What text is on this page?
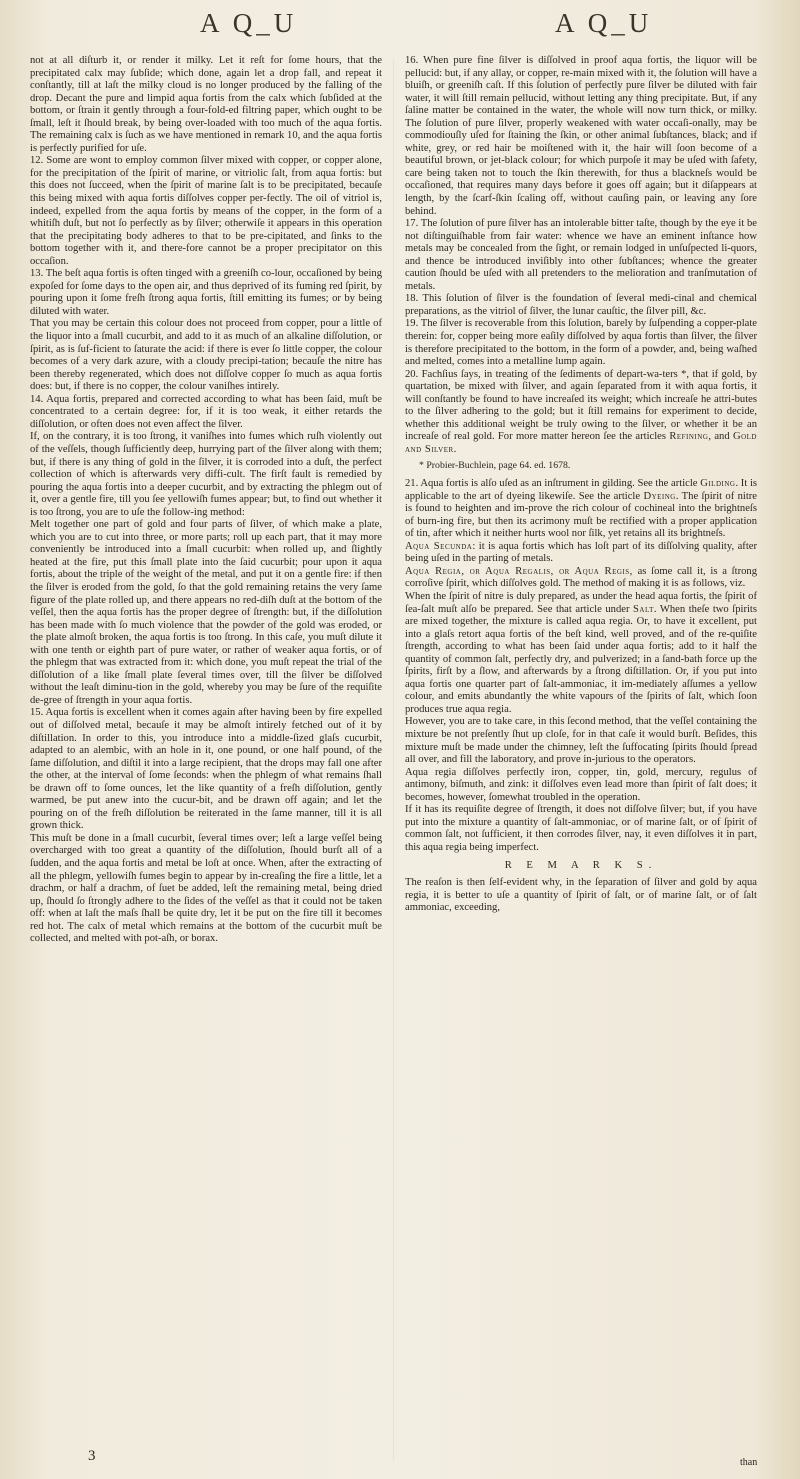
A Q_U	A Q_U

not at all diſturb it, or render it milky. Let it reſt for ſome hours, that the precipitated calx may ſubſide; which done, again let a drop fall, and repeat it conſtantly, till at laſt the milky cloud is no longer produced by the falling of the drop. Decant the pure and limpid aqua fortis from the calx which ſubſided at the bottom, or ſtrain it gently through a four-fold-ed filtring paper, which ought to be ſmall, leſt it ſhould break, by being over-loaded with too much of the aqua fortis. The remaining calx is ſuch as we have mentioned in remark 10, and the aqua fortis is perfectly purified for uſe.

12. Some are wont to employ common ſilver mixed with copper, or copper alone, for the precipitation of the ſpirit of marine, or vitriolic ſalt, from aqua fortis: but this does not ſucceed, when the ſpirit of marine ſalt is to be precipitated, becauſe this being mixed with aqua fortis diſſolves copper per-fectly. The oil of vitriol is, indeed, expelled from the aqua fortis by means of the copper, in the form of a whitiſh duſt, but not ſo perfectly as by ſilver; otherwiſe it appears in this operation that the precipitating body adheres to that to be pre-cipitated, and ſinks to the bottom together with it, and there-fore cannot be a proper precipitator on this occaſion.

13. The beſt aqua fortis is often tinged with a greeniſh co-lour, occaſioned by being expoſed for ſome days to the open air, and thus deprived of its fuming red ſpirit, by pouring upon it ſome freſh ſtrong aqua fortis, ſtill emitting its fumes; or by being diluted with water.

That you may be certain this colour does not proceed from copper, pour a little of the liquor into a ſmall cucurbit, and add to it as much of an alkaline diſſolution, or ſpirit, as is ſuf-ficient to ſaturate the acid: if there is ever ſo little copper, the colour becomes of a very dark azure, with a cloudy precipi-tation; becauſe the nitre has been thereby regenerated, which does not diſſolve copper ſo much as aqua fortis does: but, if there is no copper, the colour vaniſhes intirely.

14. Aqua fortis, prepared and corrected according to what has been ſaid, muſt be concentrated to a certain degree: for, if it is too weak, it either retards the diſſolution, or often does not even affect the ſilver.

If, on the contrary, it is too ſtrong, it vaniſhes into fumes which ruſh violently out of the veſſels, though ſufficiently deep, hurrying part of the ſilver along with them; but, if there is any thing of gold in the ſilver, it is corroded into a duſt, the perfect collection of which is afterwards very diffi-cult. The firſt fault is remedied by pouring the aqua fortis into a deeper cucurbit, and by extracting the phlegm out of it, over a gentle fire, till you ſee yellowiſh fumes appear; but, to find out whether it is too ſtrong, you are to uſe the follow-ing method:

Melt together one part of gold and four parts of ſilver, of which make a plate, which you are to cut into three, or more parts; roll up each part, that it may more conveniently be introduced into a ſmall cucurbit: when rolled up, and ſlightly heated at the fire, put this ſmall plate into the ſaid cucurbit; pour upon it aqua fortis, about the triple of the weight of the metal, and put it on a gentle fire: if then the ſilver is eroded from the gold, ſo that the gold remaining retains the very ſame figure of the plate rolled up, and there appears no red-diſh duſt at the bottom of the veſſel, then the aqua fortis has the proper degree of ſtrength: but, if the diſſolution has been made with ſo much violence that the powder of the gold was eroded, or the plate almoſt broken, the aqua fortis is too ſtrong. In this caſe, you muſt dilute it with one tenth or eighth part of pure water, or rather of weaker aqua fortis, or of the phlegm that was extracted from it: which done, you muſt repeat the trial of the diſſolution of a like ſmall plate ſeveral times over, till the ſilver be diſſolved without the leaſt diminu-tion in the gold, whereby you may be ſure of the requiſite de-gree of ſtrength in your aqua fortis.

15. Aqua fortis is excellent when it comes again after having been by fire expelled out of diſſolved metal, becauſe it may be almoſt intirely fetched out of it by diſtillation. In order to this, you introduce into a middle-ſized glaſs cucurbit, adapted to an alembic, with an hole in it, one pound, or one half pound, of the ſame diſſolution, and diſtil it into a large recipient, that the drops may fall one after the other, at the interval of ſome ſeconds: when the phlegm of what remains ſhall be drawn off to ſome ounces, let the like quantity of a freſh diſſolution, gently warmed, be put anew into the cucur-bit, and be drawn off again; and let the pouring on of the freſh diſſolution be reiterated in the ſame manner, till it is all grown thick.

This muſt be done in a ſmall cucurbit, ſeveral times over; leſt a large veſſel being overcharged with too great a quantity of the diſſolution, ſhould burſt all of a ſudden, and the aqua fortis and metal be loſt at once. When, after the extracting of all the phlegm, yellowiſh fumes begin to appear by in-creaſing the fire a little, let a drachm, or half a drachm, of ſuet be added, leſt the remaining metal, being dried up, ſhould ſo ſtrongly adhere to the ſides of the veſſel as that it could not be taken off: when at laſt the maſs ſhall be quite dry, let it be put on the fire till it becomes red hot. The calx of metal which remains at the bottom of the cucurbit muſt be collected, and melted with pot-aſh, or borax.

16. When pure fine ſilver is diſſolved in proof aqua fortis, the liquor will be pellucid: but, if any allay, or copper, re-main mixed with it, the ſolution will have a bluiſh, or greeniſh caſt. If this ſolution of perfectly pure ſilver be diluted with fair water, it will ſtill remain pellucid, without letting any thing precipitate. But, if any ſaline matter be contained in the water, the whole will now turn thick, or milky. The ſolution of pure ſilver, properly weakened with water occaſi-onally, may be commodiouſly uſed for ſtaining the ſkin, or other animal ſubſtances, black; and if white, grey, or red hair be moiſtened with it, the hair will ſoon become of a beautiful brown, or jet-black colour; for which purpoſe it may be uſed with ſafety, care being taken not to touch the ſkin therewith, for thus a blackneſs would be occaſioned, that requires many days before it goes off again; but it diſappears at length, by the ſcarf-ſkin ſcaling off, without cauſing pain, or leaving any ſore behind.

17. The ſolution of pure ſilver has an intolerable bitter taſte, though by the eye it be not diſtinguiſhable from fair water: whence we have an eminent inſtance how metals may be concealed from the ſight, or remain lodged in unſuſpected li-quors, and thence be introduced inviſibly into other ſubſtances; whence the greater caution ſhould be uſed with all pretenders to the melioration and tranſmutation of metals.

18. This ſolution of ſilver is the foundation of ſeveral medi-cinal and chemical preparations, as the vitriol of ſilver, the lunar cauſtic, the ſilver pill, &c.

19. The ſilver is recoverable from this ſolution, barely by ſuſpending a copper-plate therein: for, copper being more eaſily diſſolved by aqua fortis than ſilver, the ſilver is therefore precipitated to the bottom, in the form of a powder, and, being waſhed and melted, comes into a metalline lump again.

20. Fachſius ſays, in treating of the ſediments of depart-wa-ters *, that if gold, by quartation, be mixed with ſilver, and again ſeparated from it with aqua fortis, it will conſtantly be found to have increaſed its weight; which increaſe he attri-butes to the ſilver adhering to the gold; but it ſtill remains for experiment to decide, whether this additional weight be truly owing to the ſilver, or whether it be an increaſe of real gold. For more matter hereon ſee the articles Refining, and Gold and Silver.

* Probier-Buchlein, page 64. ed. 1678.

21. Aqua fortis is alſo uſed as an inſtrument in gilding. See the article Gilding. It is applicable to the art of dyeing likewiſe. See the article Dyeing. The ſpirit of nitre is found to heighten and im-prove the rich colour of cochineal into the brightneſs of burn-ing fire, but then its acrimony muſt be rectified with a proper application of tin, after which it neither hurts wool nor ſilk, yet retains all its brightneſs.

Aqua Secunda: it is aqua fortis which has loſt part of its diſſolving quality, after being uſed in the parting of metals.

Aqua Regia, or Aqua Regalis, or Aqua Regis, as ſome call it, is a ſtrong corroſive ſpirit, which diſſolves gold. The method of making it is as follows, viz.

When the ſpirit of nitre is duly prepared, as under the head aqua fortis, the ſpirit of ſea-ſalt muſt alſo be prepared. See that article under Salt. When theſe two ſpirits are mixed together, the mixture is called aqua regia. Or, to have it excellent, put into a glaſs retort aqua fortis of the beſt kind, well proved, and of the re-quiſite ſtrength, according to what has been ſaid under aqua fortis; add to it half the quantity of common ſalt, perfectly dry, and pulverized; in a ſand-bath force up the ſpirits, firſt by a ſlow, and afterwards by a ſtrong diſtillation. Or, if you put into aqua fortis one quarter part of ſalt-ammoniac, it im-mediately aſſumes a yellow colour, and emits abundantly the white vapours of the ſpirits of ſalt, which ſoon produces true aqua regia.

However, you are to take care, in this ſecond method, that the veſſel containing the mixture be not preſently ſhut up cloſe, for in that caſe it would burſt. Beſides, this mixture muſt be made under the chimney, leſt the ſuffocating ſpirits ſhould ſpread all over, and fill the laboratory, and prove in-jurious to the operators.

Aqua regia diſſolves perfectly iron, copper, tin, gold, mercury, regulus of antimony, biſmuth, and zink: it diſſolves even lead more than ſpirit of ſalt does; it becomes, however, ſomewhat troubled in the operation.

If it has its requiſite degree of ſtrength, it does not diſſolve ſilver; but, if you have put into the mixture a quantity of ſalt-ammoniac, or of marine ſalt, or of ſpirit of common ſalt, not ſufficient, it then corrodes ſilver, nay, it even diſſolves it in part, this aqua regia being imperfect.

R E M A R K S.

The reaſon is then ſelf-evident why, in the ſeparation of ſilver and gold by aqua regia, it is better to uſe a quantity of ſpirit of ſalt, or of marine ſalt, or of ſalt ammoniac, exceeding,

3	than
